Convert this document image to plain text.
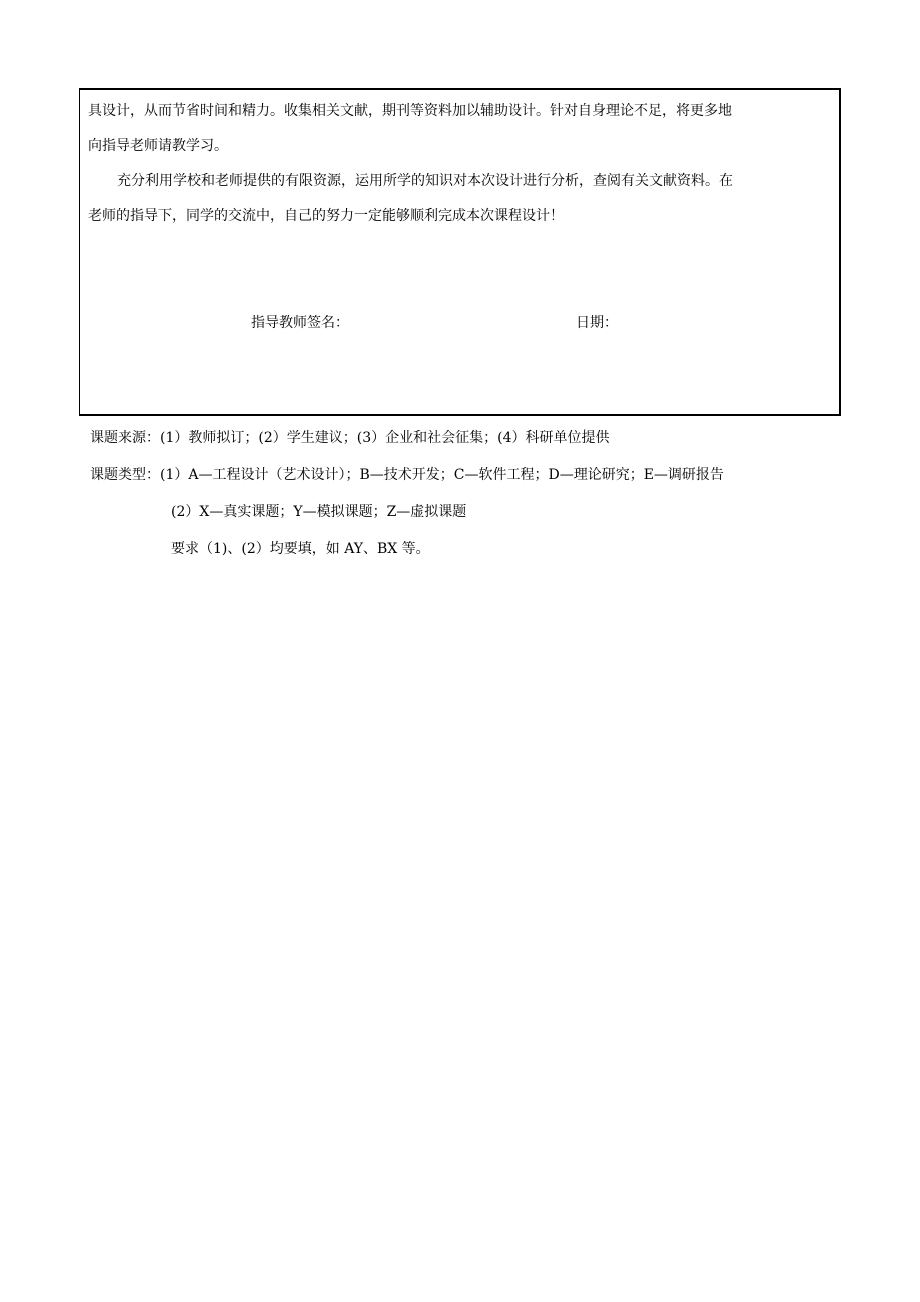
具设计，从而节省时间和精力。收集相关文献，期刊等资料加以辅助设计。针对自身理论不足，将更多地
向指导老师请教学习。
充分利用学校和老师提供的有限资源，运用所学的知识对本次设计进行分析，查阅有关文献资料。在
老师的指导下，同学的交流中，自己的努力一定能够顺利完成本次课程设计！
指导教师签名：	日期：
课题来源：(1）教师拟订；(2）学生建议；(3）企业和社会征集；(4）科研单位提供
课题类型：(1）A—工程设计（艺术设计）；B—技术开发；C—软件工程；D—理论研究；E—调研报告
(2）X—真实课题；Y—模拟课题；Z—虚拟课题
要求（1)、(2）均要填，如 AY、BX 等。
